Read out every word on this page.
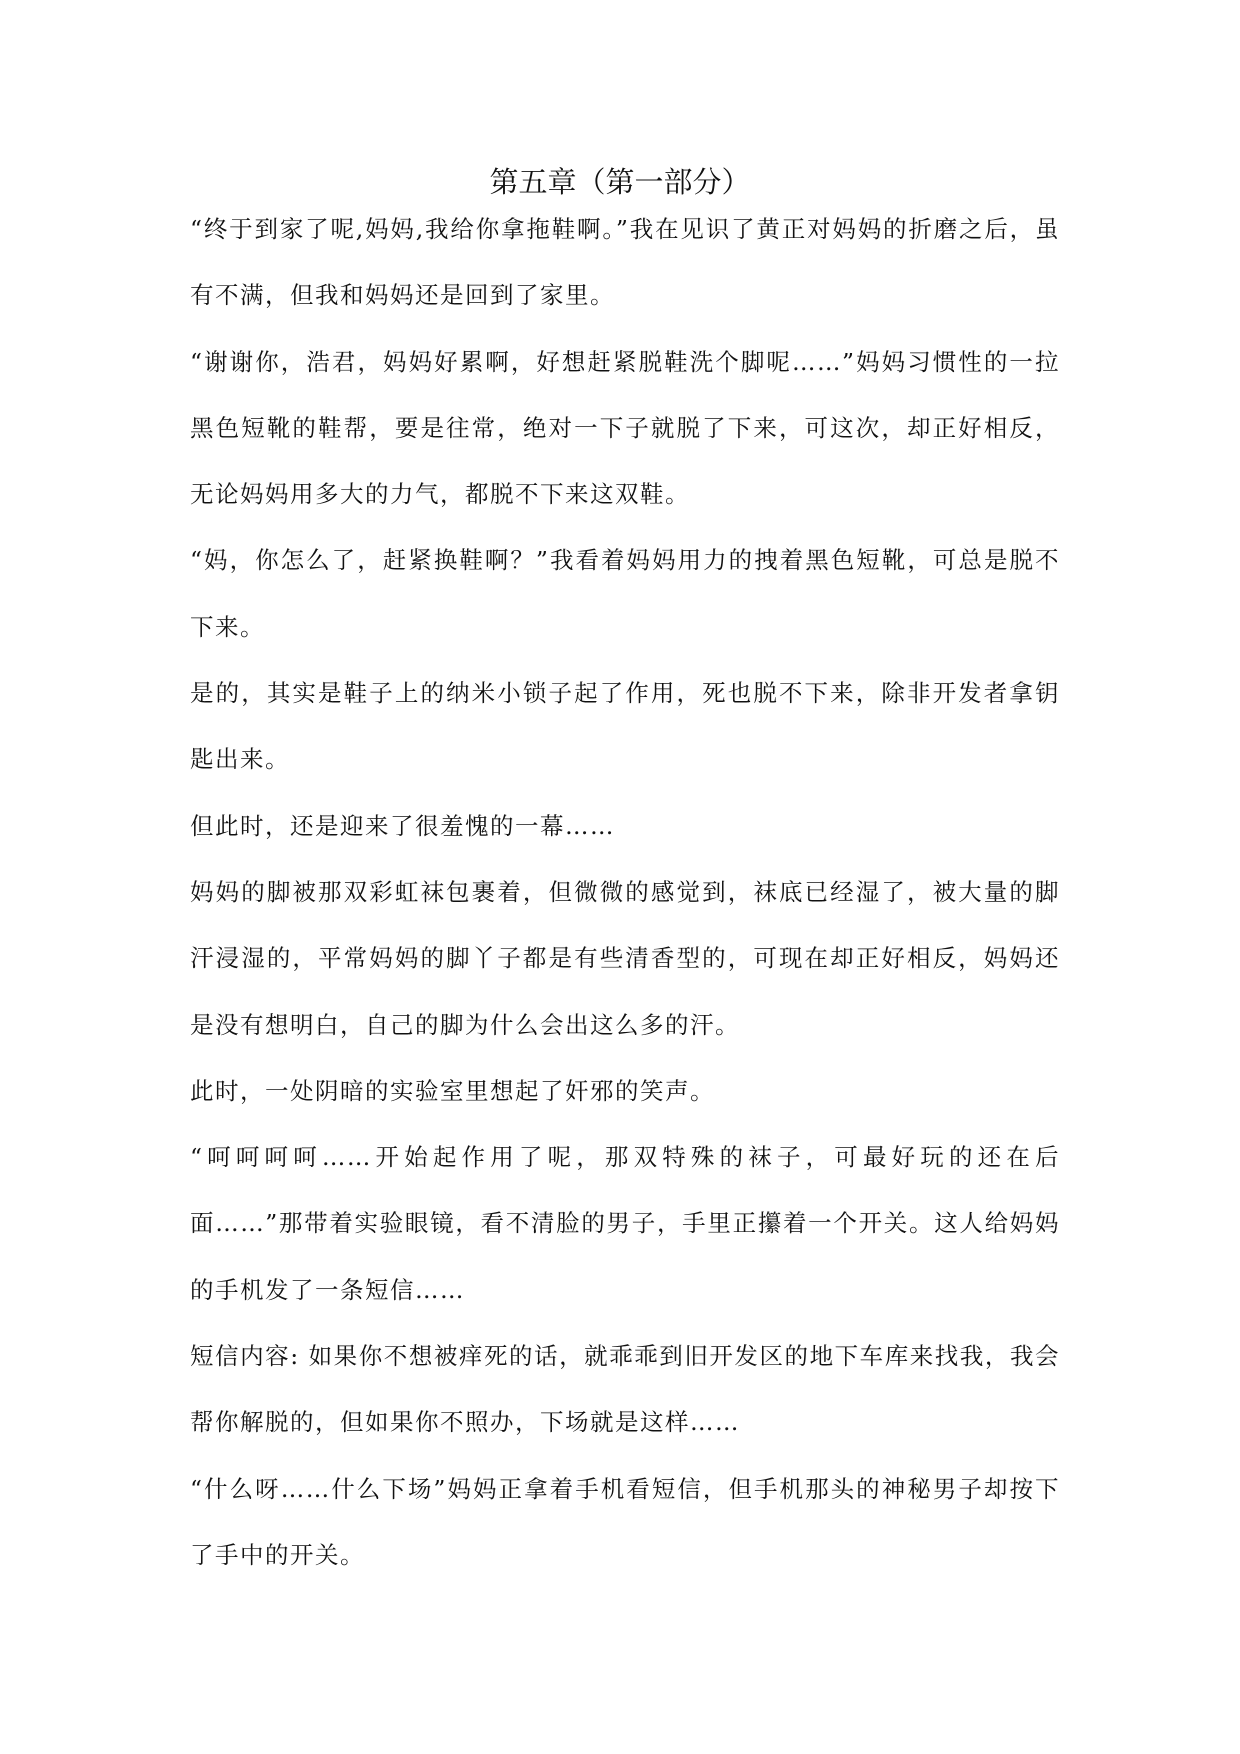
第五章（第一部分）

“终于到家了呢,妈妈,我给你拿拖鞋啊。”我在见识了黄正对妈妈的折磨之后，虽有不满，但我和妈妈还是回到了家里。

“谢谢你，浩君，妈妈好累啊，好想赶紧脱鞋洗个脚呢……”妈妈习惯性的一拉黑色短靴的鞋帮，要是往常，绝对一下子就脱了下来，可这次，却正好相反，无论妈妈用多大的力气，都脱不下来这双鞋。

“妈，你怎么了，赶紧换鞋啊？”我看着妈妈用力的拽着黑色短靴，可总是脱不下来。

是的，其实是鞋子上的纳米小锁子起了作用，死也脱不下来，除非开发者拿钥匙出来。

但此时，还是迎来了很羞愧的一幕……

妈妈的脚被那双彩虹袜包裹着，但微微的感觉到，袜底已经湿了，被大量的脚汗浸湿的，平常妈妈的脚丫子都是有些清香型的，可现在却正好相反，妈妈还是没有想明白，自己的脚为什么会出这么多的汗。

此时，一处阴暗的实验室里想起了奸邪的笑声。

“呵呵呵呵……开始起作用了呢，那双特殊的袜子，可最好玩的还在后面……”那带着实验眼镜，看不清脸的男子，手里正攥着一个开关。这人给妈妈的手机发了一条短信……

短信内容: 如果你不想被痒死的话，就乖乖到旧开发区的地下车库来找我，我会帮你解脱的，但如果你不照办，下场就是这样……

“什么呀……什么下场”妈妈正拿着手机看短信，但手机那头的神秘男子却按下了手中的开关。
